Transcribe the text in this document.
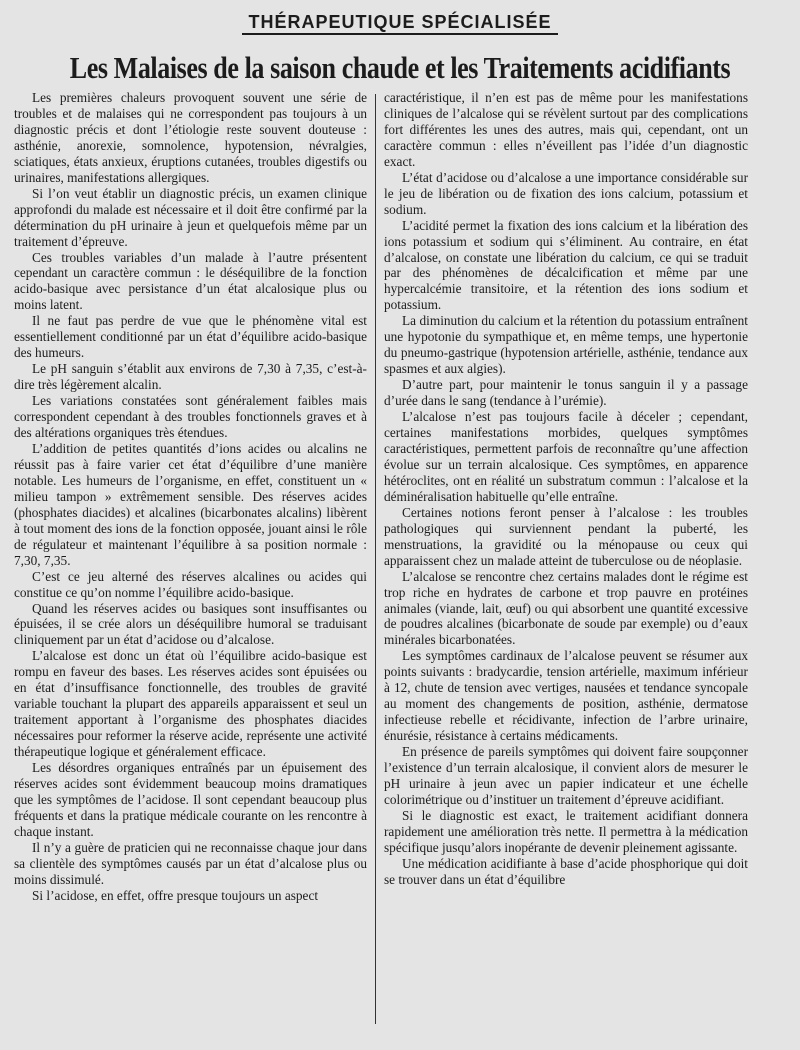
THÉRAPEUTIQUE SPÉCIALISÉE
Les Malaises de la saison chaude et les Traitements acidifiants

Les premières chaleurs provoquent souvent une série de troubles et de malaises qui ne correspondent pas toujours à un diagnostic précis et dont l’étiologie reste souvent douteuse : asthénie, anorexie, somnolence, hypotension, névralgies, sciatiques, états anxieux, éruptions cutanées, troubles digestifs ou urinaires, manifestations allergiques.

Si l’on veut établir un diagnostic précis, un examen clinique approfondi du malade est nécessaire et il doit être confirmé par la détermination du pH urinaire à jeun et quelquefois même par un traitement d’épreuve.

Ces troubles variables d’un malade à l’autre présentent cependant un caractère commun : le déséquilibre de la fonction acido-basique avec persistance d’un état alcalosique plus ou moins latent.

Il ne faut pas perdre de vue que le phénomène vital est essentiellement conditionné par un état d’équilibre acido-basique des humeurs.

Le pH sanguin s’établit aux environs de 7,30 à 7,35, c’est-à-dire très légèrement alcalin.

Les variations constatées sont généralement faibles mais correspondent cependant à des troubles fonctionnels graves et à des altérations organiques très étendues.

L’addition de petites quantités d’ions acides ou alcalins ne réussit pas à faire varier cet état d’équilibre d’une manière notable. Les humeurs de l’organisme, en effet, constituent un « milieu tampon » extrêmement sensible. Des réserves acides (phosphates diacides) et alcalines (bicarbonates alcalins) libèrent à tout moment des ions de la fonction opposée, jouant ainsi le rôle de régulateur et maintenant l’équilibre à sa position normale : 7,30, 7,35.

C’est ce jeu alterné des réserves alcalines ou acides qui constitue ce qu’on nomme l’équilibre acido-basique.

Quand les réserves acides ou basiques sont insuffisantes ou épuisées, il se crée alors un déséquilibre humoral se traduisant cliniquement par un état d’acidose ou d’alcalose.

L’alcalose est donc un état où l’équilibre acido-basique est rompu en faveur des bases. Les réserves acides sont épuisées ou en état d’insuffisance fonctionnelle, des troubles de gravité variable touchant la plupart des appareils apparaissent et seul un traitement apportant à l’organisme des phosphates diacides nécessaires pour reformer la réserve acide, représente une activité thérapeutique logique et généralement efficace.

Les désordres organiques entraînés par un épuisement des réserves acides sont évidemment beaucoup moins dramatiques que les symptômes de l’acidose. Il sont cependant beaucoup plus fréquents et dans la pratique médicale courante on les rencontre à chaque instant.

Il n’y a guère de praticien qui ne reconnaisse chaque jour dans sa clientèle des symptômes causés par un état d’alcalose plus ou moins dissimulé.

Si l’acidose, en effet, offre presque toujours un aspect

caractéristique, il n’en est pas de même pour les manifestations cliniques de l’alcalose qui se révèlent surtout par des complications fort différentes les unes des autres, mais qui, cependant, ont un caractère commun : elles n’éveillent pas l’idée d’un diagnostic exact.

L’état d’acidose ou d’alcalose a une importance considérable sur le jeu de libération ou de fixation des ions calcium, potassium et sodium.

L’acidité permet la fixation des ions calcium et la libération des ions potassium et sodium qui s’éliminent. Au contraire, en état d’alcalose, on constate une libération du calcium, ce qui se traduit par des phénomènes de décalcification et même par une hypercalcémie transitoire, et la rétention des ions sodium et potassium.

La diminution du calcium et la rétention du potassium entraînent une hypotonie du sympathique et, en même temps, une hypertonie du pneumo-gastrique (hypotension artérielle, asthénie, tendance aux spasmes et aux algies).

D’autre part, pour maintenir le tonus sanguin il y a passage d’urée dans le sang (tendance à l’urémie).

L’alcalose n’est pas toujours facile à déceler ; cependant, certaines manifestations morbides, quelques symptômes caractéristiques, permettent parfois de reconnaître qu’une affection évolue sur un terrain alcalosique. Ces symptômes, en apparence hétéroclites, ont en réalité un substratum commun : l’alcalose et la déminéralisation habituelle qu’elle entraîne.

Certaines notions feront penser à l’alcalose : les troubles pathologiques qui surviennent pendant la puberté, les menstruations, la gravidité ou la ménopause ou ceux qui apparaissent chez un malade atteint de tuberculose ou de néoplasie.

L’alcalose se rencontre chez certains malades dont le régime est trop riche en hydrates de carbone et trop pauvre en protéines animales (viande, lait, œuf) ou qui absorbent une quantité excessive de poudres alcalines (bicarbonate de soude par exemple) ou d’eaux minérales bicarbonatées.

Les symptômes cardinaux de l’alcalose peuvent se résumer aux points suivants : bradycardie, tension artérielle, maximum inférieur à 12, chute de tension avec vertiges, nausées et tendance syncopale au moment des changements de position, asthénie, dermatose infectieuse rebelle et récidivante, infection de l’arbre urinaire, énurésie, résistance à certains médicaments.

En présence de pareils symptômes qui doivent faire soupçonner l’existence d’un terrain alcalosique, il convient alors de mesurer le pH urinaire à jeun avec un papier indicateur et une échelle colorimétrique ou d’instituer un traitement d’épreuve acidifiant.

Si le diagnostic est exact, le traitement acidifiant donnera rapidement une amélioration très nette. Il permettra à la médication spécifique jusqu’alors inopérante de devenir pleinement agissante.

Une médication acidifiante à base d’acide phosphorique qui doit se trouver dans un état d’équilibre
